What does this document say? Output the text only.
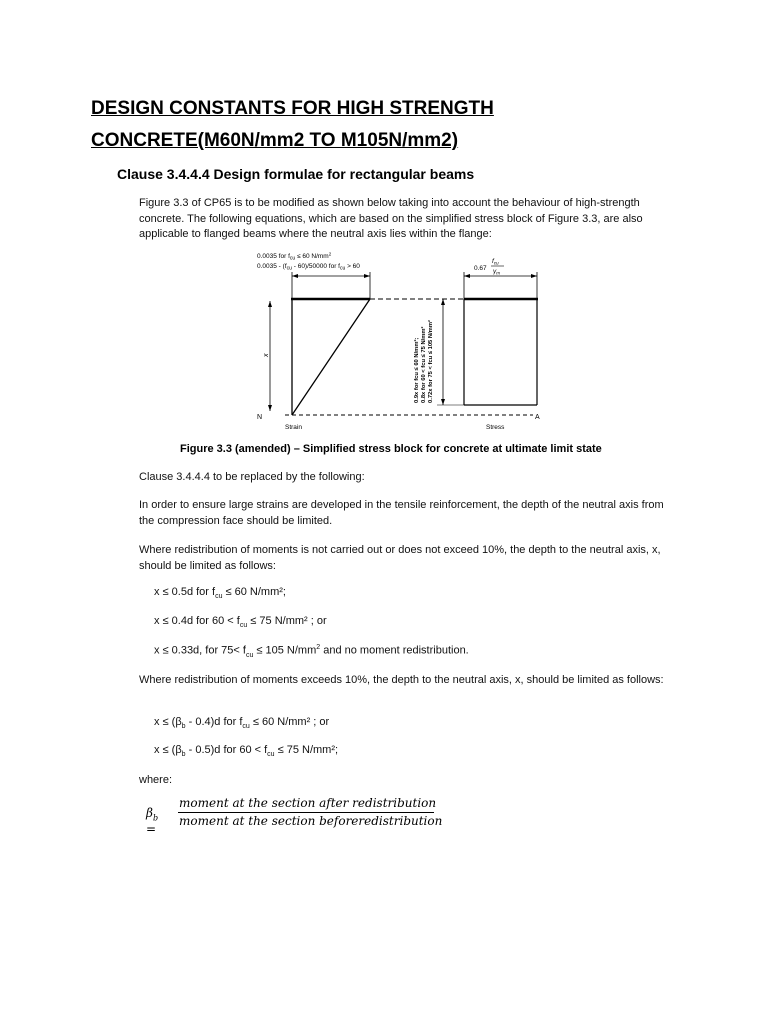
DESIGN CONSTANTS FOR HIGH STRENGTH CONCRETE(M60N/mm2 TO M105N/mm2)
Clause 3.4.4.4 Design formulae for rectangular beams

Figure 3.3 of CP65 is to be modified as shown below taking into account the behaviour of high-strength concrete. The following equations, which are based on the simplified stress block of Figure 3.3, are also applicable to flanged beams where the neutral axis lies within the flange:

0.0035 for $f_{cu} \le 60$ $N/mm^2$
$0.0035 - (f_{cu} - 60)/50000$ for $f_{cu} > 60$
x
N	A
0.9x for fcu ≤ 60 N/mm²; 0.8x for 60 < fcu ≤ 75 N/mm² 0.72x for 75 < fcu ≤ 105 N/mm²
0.67
$f_{cu}$
$\gamma_m$
Strain	Stress

Figure 3.3 (amended) – Simplified stress block for concrete at ultimate limit state

Clause 3.4.4.4 to be replaced by the following:

In order to ensure large strains are developed in the tensile reinforcement, the depth of the neutral axis from the compression face should be limited.

Where redistribution of moments is not carried out or does not exceed 10%, the depth to the neutral axis, x, should be limited as follows:

x ≤ 0.5d for $f_{cu} \le 60$ N/mm²;

x ≤ 0.4d for $60 < f_{cu} \le 75$ N/mm² ; or

x ≤ 0.33d, for $75< f_{cu} \le 105$ $N/mm^2$ and no moment redistribution.

Where redistribution of moments exceeds 10%, the depth to the neutral axis, x, should be limited as follows:

$x \le (\beta_b - 0.4)d$ for $f_{cu} \le 60$ N/mm² ; or

$x \le (\beta_b - 0.5)d$ for $60 < f_{cu} \le 75$ N/mm²;

where:

$\beta_b$ =
moment at the section after redistribution
moment at the section beforeredistribution
